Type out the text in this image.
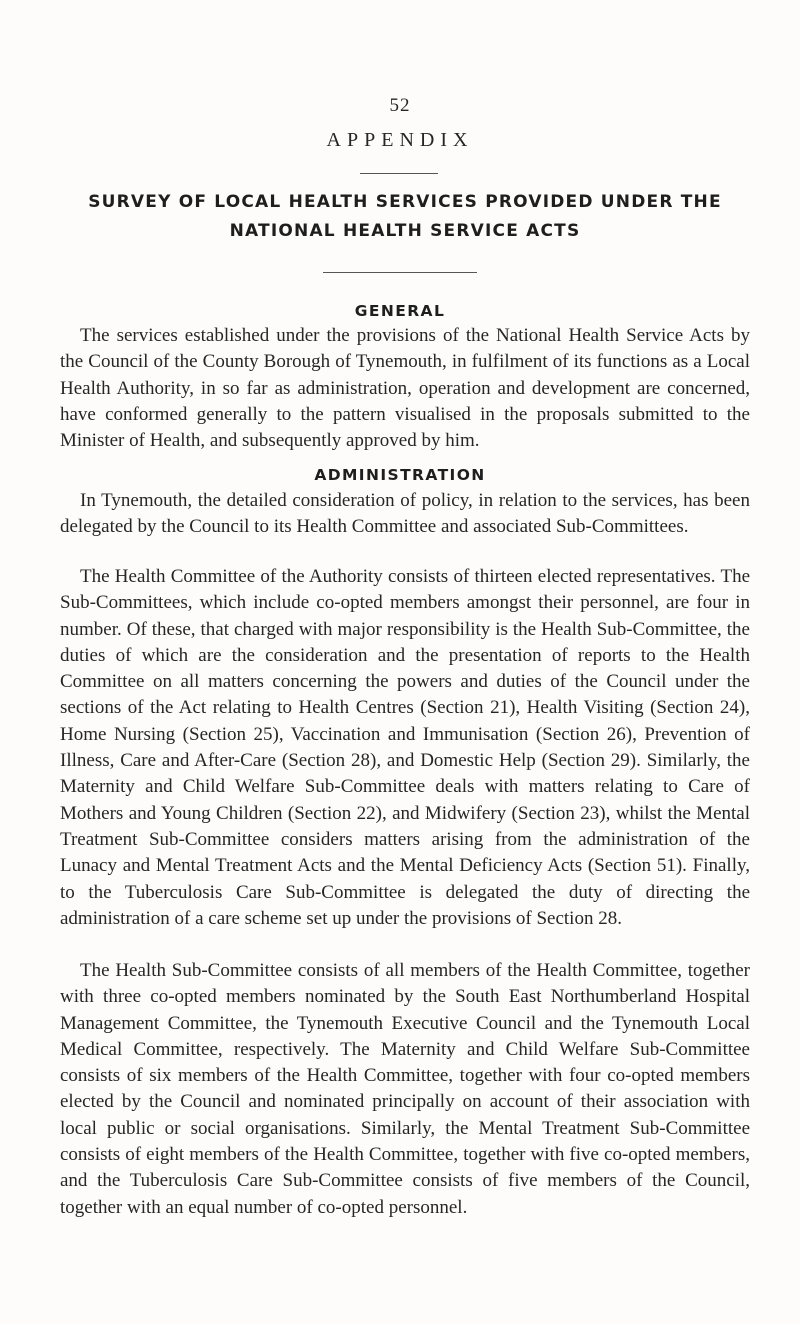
52
APPENDIX
SURVEY OF LOCAL HEALTH SERVICES PROVIDED UNDER THE
NATIONAL HEALTH SERVICE ACTS
GENERAL

The services established under the provisions of the National Health Service Acts by the Council of the County Borough of Tynemouth, in fulfilment of its functions as a Local Health Authority, in so far as administration, operation and development are concerned, have conformed generally to the pattern visualised in the proposals submitted to the Minister of Health, and subsequently approved by him.

ADMINISTRATION

In Tynemouth, the detailed consideration of policy, in relation to the services, has been delegated by the Council to its Health Committee and associated Sub-Committees.

The Health Committee of the Authority consists of thirteen elected representatives. The Sub-Committees, which include co-opted members amongst their personnel, are four in number. Of these, that charged with major responsibility is the Health Sub-Committee, the duties of which are the consideration and the presentation of reports to the Health Committee on all matters concerning the powers and duties of the Council under the sections of the Act relating to Health Centres (Section 21), Health Visiting (Section 24), Home Nursing (Section 25), Vaccination and Immunisation (Section 26), Prevention of Illness, Care and After-Care (Section 28), and Domestic Help (Section 29). Similarly, the Maternity and Child Welfare Sub-Committee deals with matters relating to Care of Mothers and Young Children (Section 22), and Midwifery (Section 23), whilst the Mental Treatment Sub-Committee considers matters arising from the administration of the Lunacy and Mental Treatment Acts and the Mental Deficiency Acts (Section 51). Finally, to the Tuberculosis Care Sub-Committee is delegated the duty of directing the administration of a care scheme set up under the provisions of Section 28.

The Health Sub-Committee consists of all members of the Health Committee, together with three co-opted members nominated by the South East Northumberland Hospital Management Committee, the Tynemouth Executive Council and the Tynemouth Local Medical Committee, respectively. The Maternity and Child Welfare Sub-Committee consists of six members of the Health Committee, together with four co-opted members elected by the Council and nominated principally on account of their association with local public or social organisations. Similarly, the Mental Treatment Sub-Committee consists of eight members of the Health Committee, together with five co-opted members, and the Tuberculosis Care Sub-Committee consists of five members of the Council, together with an equal number of co-opted personnel.
